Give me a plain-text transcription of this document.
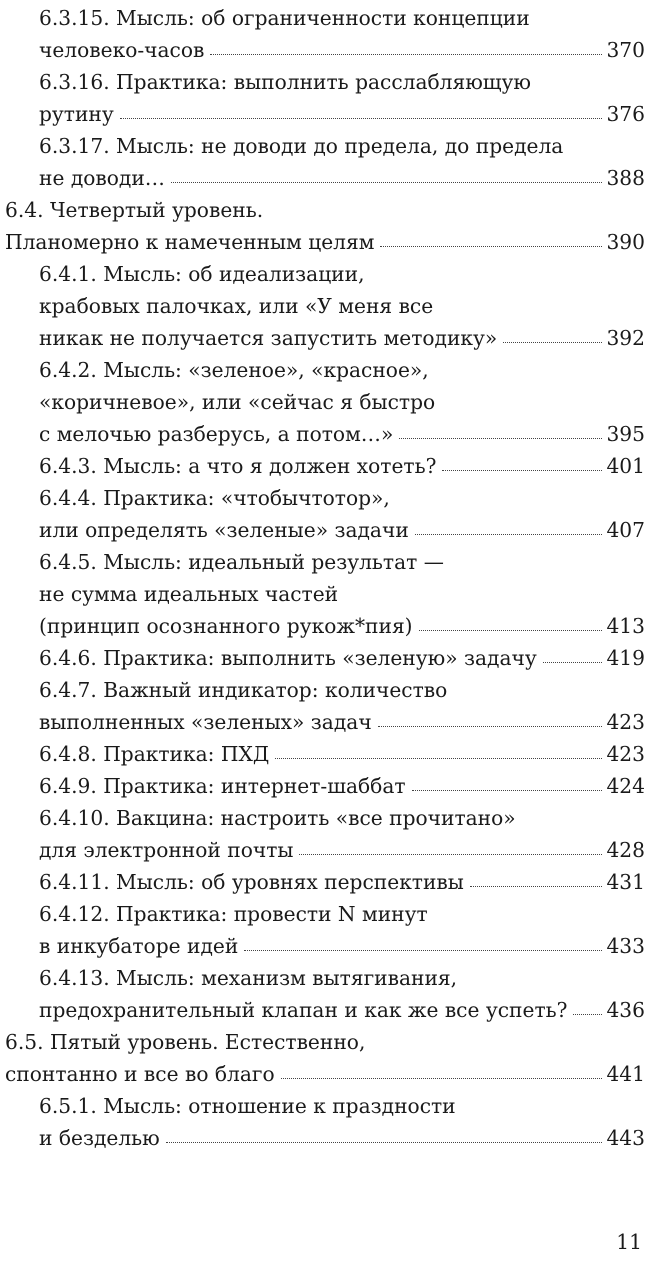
6.3.15. Мысль: об ограниченности концепции
человеко-часов	370
6.3.16. Практика: выполнить расслабляющую
рутину	376
6.3.17. Мысль: не доводи до предела, до предела
не доводи…	388
6.4. Четвертый уровень.
Планомерно к намеченным целям	390
6.4.1. Мысль: об идеализации,
крабовых палочках, или «У меня все
никак не получается запустить методику»	392
6.4.2. Мысль: «зеленое», «красное»,
«коричневое», или «сейчас я быстро
с мелочью разберусь, а потом…»	395
6.4.3. Мысль: а что я должен хотеть?	401
6.4.4. Практика: «чтобычтотор»,
или определять «зеленые» задачи	407
6.4.5. Мысль: идеальный результат —
не сумма идеальных частей
(принцип осознанного рукож*пия)	413
6.4.6. Практика: выполнить «зеленую» задачу	419
6.4.7. Важный индикатор: количество
выполненных «зеленых» задач	423
6.4.8. Практика: ПХД	423
6.4.9. Практика: интернет-шаббат	424
6.4.10. Вакцина: настроить «все прочитано»
для электронной почты	428
6.4.11. Мысль: об уровнях перспективы	431
6.4.12. Практика: провести N минут
в инкубаторе идей	433
6.4.13. Мысль: механизм вытягивания,
предохранительный клапан и как же все успеть? 436
6.5. Пятый уровень. Естественно,
спонтанно и все во благо	441
6.5.1. Мысль: отношение к праздности
и безделью	443
11
